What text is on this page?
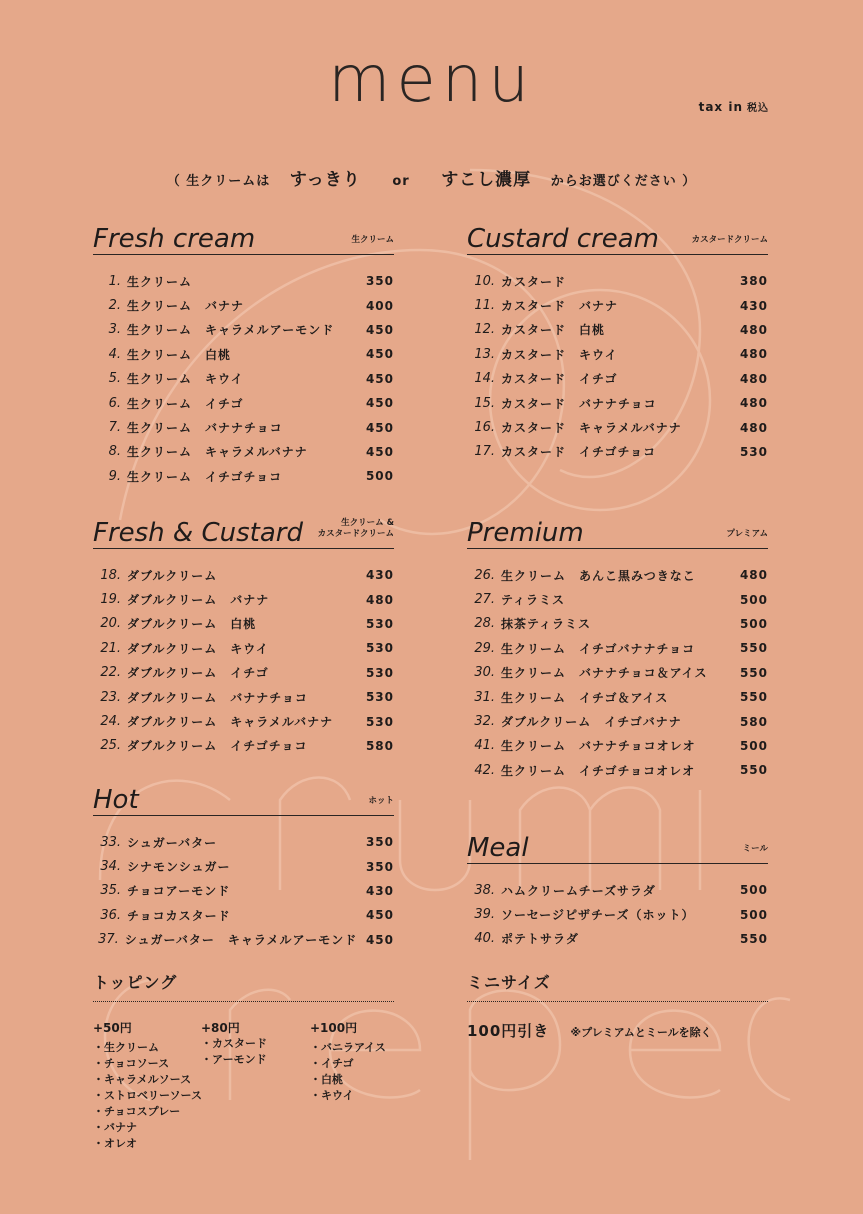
menu	tax in 税込
（ 生クリームは すっきり or すこし濃厚 からお選びください ）
Fresh cream	生クリーム
1. 生クリーム	350
2. 生クリーム　バナナ	400
3. 生クリーム　キャラメルアーモンド	450
4. 生クリーム　白桃	450
5. 生クリーム　キウイ	450
6. 生クリーム　イチゴ	450
7. 生クリーム　バナナチョコ	450
8. 生クリーム　キャラメルバナナ	450
9. 生クリーム　イチゴチョコ	500
Custard cream	カスタードクリーム
10. カスタード	380
11. カスタード　バナナ	430
12. カスタード　白桃	480
13. カスタード　キウイ	480
14. カスタード　イチゴ	480
15. カスタード　バナナチョコ	480
16. カスタード　キャラメルバナナ	480
17. カスタード　イチゴチョコ	530
Fresh & Custard	生クリーム &
カスタードクリーム
18. ダブルクリーム	430
19. ダブルクリーム　バナナ	480
20. ダブルクリーム　白桃	530
21. ダブルクリーム　キウイ	530
22. ダブルクリーム　イチゴ	530
23. ダブルクリーム　バナナチョコ	530
24. ダブルクリーム　キャラメルバナナ	530
25. ダブルクリーム　イチゴチョコ	580
Premium	プレミアム
26. 生クリーム　あんこ黒みつきなこ	480
27. ティラミス	500
28. 抹茶ティラミス	500
29. 生クリーム　イチゴバナナチョコ	550
30. 生クリーム　バナナチョコ＆アイス	550
31. 生クリーム　イチゴ＆アイス	550
32. ダブルクリーム　イチゴバナナ	580
41. 生クリーム　バナナチョコオレオ	500
42. 生クリーム　イチゴチョコオレオ	550
Hot	ホット
33. シュガーバター	350
34. シナモンシュガー	350
35. チョコアーモンド	430
36. チョコカスタード	450
37. シュガーバター　キャラメルアーモンド 450
Meal	ミール
38. ハムクリームチーズサラダ	500
39. ソーセージピザチーズ（ホット）	500
40. ポテトサラダ	550
トッピング
+50円
・生クリーム
・チョコソース
・キャラメルソース
・ストロベリーソース
・チョコスプレー
・バナナ
・オレオ
+80円
・カスタード
・アーモンド
+100円
・バニラアイス
・イチゴ
・白桃
・キウイ
ミニサイズ
100円引き ※プレミアムとミールを除く
